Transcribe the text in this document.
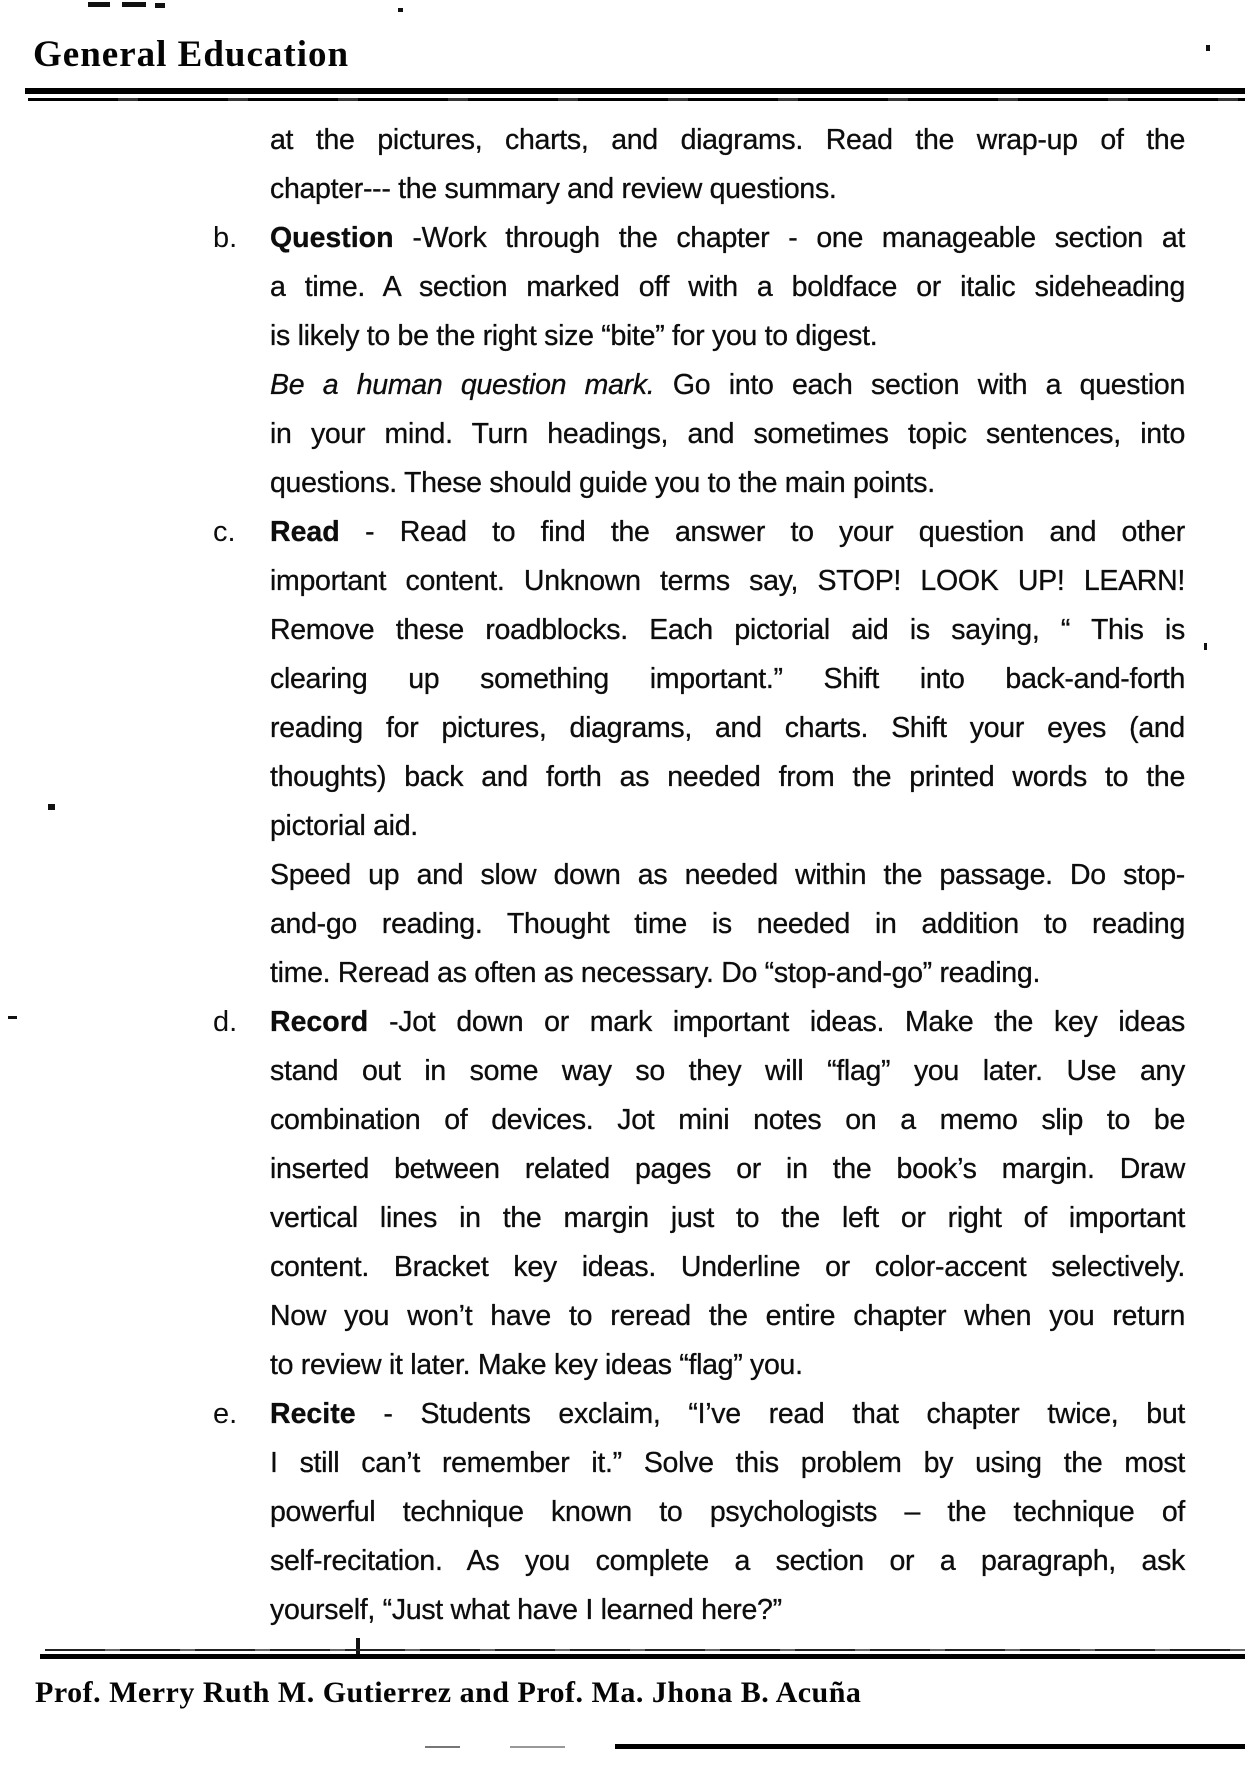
General Education
at the pictures, charts, and diagrams. Read the wrap-up of the
chapter--- the summary and review questions.
b. Question -Work through the chapter - one manageable section at
a time. A section marked off with a boldface or italic sideheading
is likely to be the right size “bite” for you to digest.
Be a human question mark. Go into each section with a question
in your mind. Turn headings, and sometimes topic sentences, into
questions. These should guide you to the main points.
c. Read - Read to find the answer to your question and other
important content. Unknown terms say, STOP! LOOK UP! LEARN!
Remove these roadblocks. Each pictorial aid is saying, “ This is
clearing up something important.” Shift into back-and-forth
reading for pictures, diagrams, and charts. Shift your eyes (and
thoughts) back and forth as needed from the printed words to the
pictorial aid.
Speed up and slow down as needed within the passage. Do stop-
and-go reading. Thought time is needed in addition to reading
time. Reread as often as necessary. Do “stop-and-go” reading.
d. Record -Jot down or mark important ideas. Make the key ideas
stand out in some way so they will “flag” you later. Use any
combination of devices. Jot mini notes on a memo slip to be
inserted between related pages or in the book’s margin. Draw
vertical lines in the margin just to the left or right of important
content. Bracket key ideas. Underline or color-accent selectively.
Now you won’t have to reread the entire chapter when you return
to review it later. Make key ideas “flag” you.
e. Recite - Students exclaim, “I’ve read that chapter twice, but
I still can’t remember it.” Solve this problem by using the most
powerful technique known to psychologists – the technique of
self-recitation. As you complete a section or a paragraph, ask
yourself, “Just what have I learned here?”
Prof. Merry Ruth M. Gutierrez and Prof. Ma. Jhona B. Acuña
